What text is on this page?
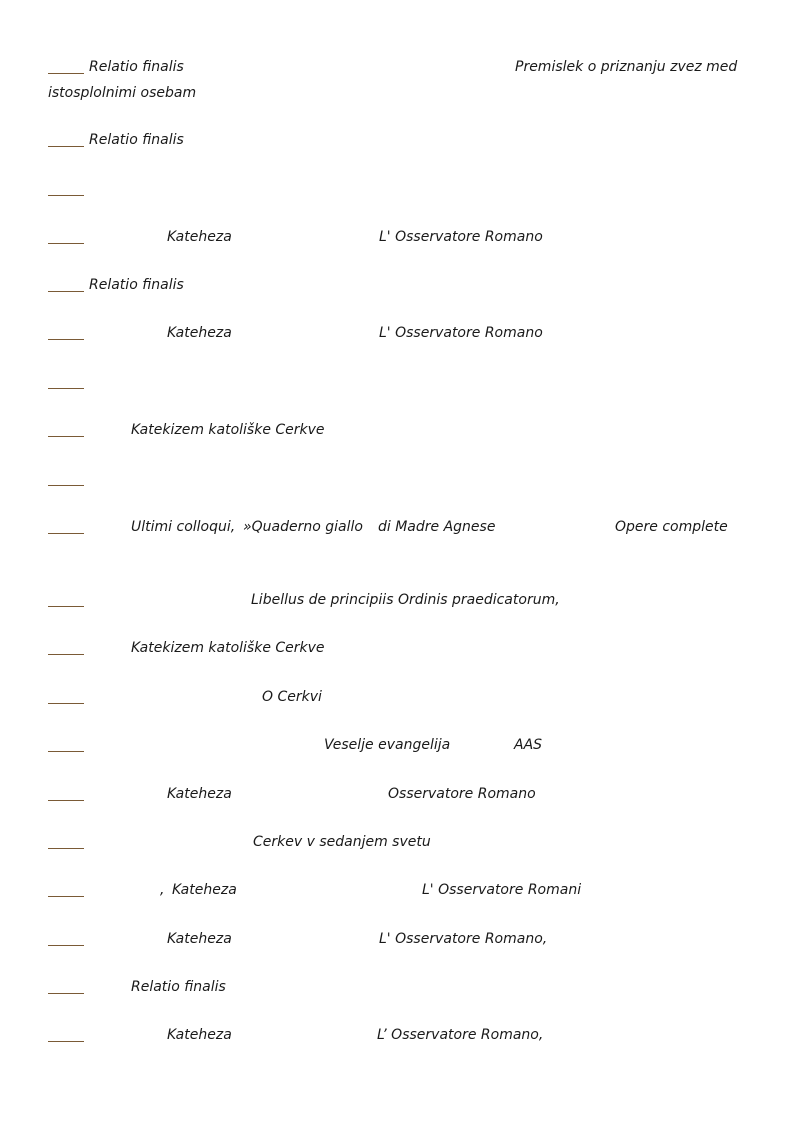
Relatio finalis	Premislek o priznanju zvez med
istosplolnimi osebam
Relatio finalis
Kateheza	L' Osservatore Romano
Relatio finalis
Kateheza	L' Osservatore Romano
Katekizem katoliške Cerkve
Ultimi colloqui, »Quaderno giallo di Madre Agnese	Opere complete
Libellus de principiis Ordinis praedicatorum,
Katekizem katoliške Cerkve
O Cerkvi
Veselje evangelija	AAS
Kateheza	Osservatore Romano
Cerkev v sedanjem svetu
, Kateheza	L' Osservatore Romani
Kateheza	L' Osservatore Romano,
Relatio finalis
Kateheza	L’ Osservatore Romano,
